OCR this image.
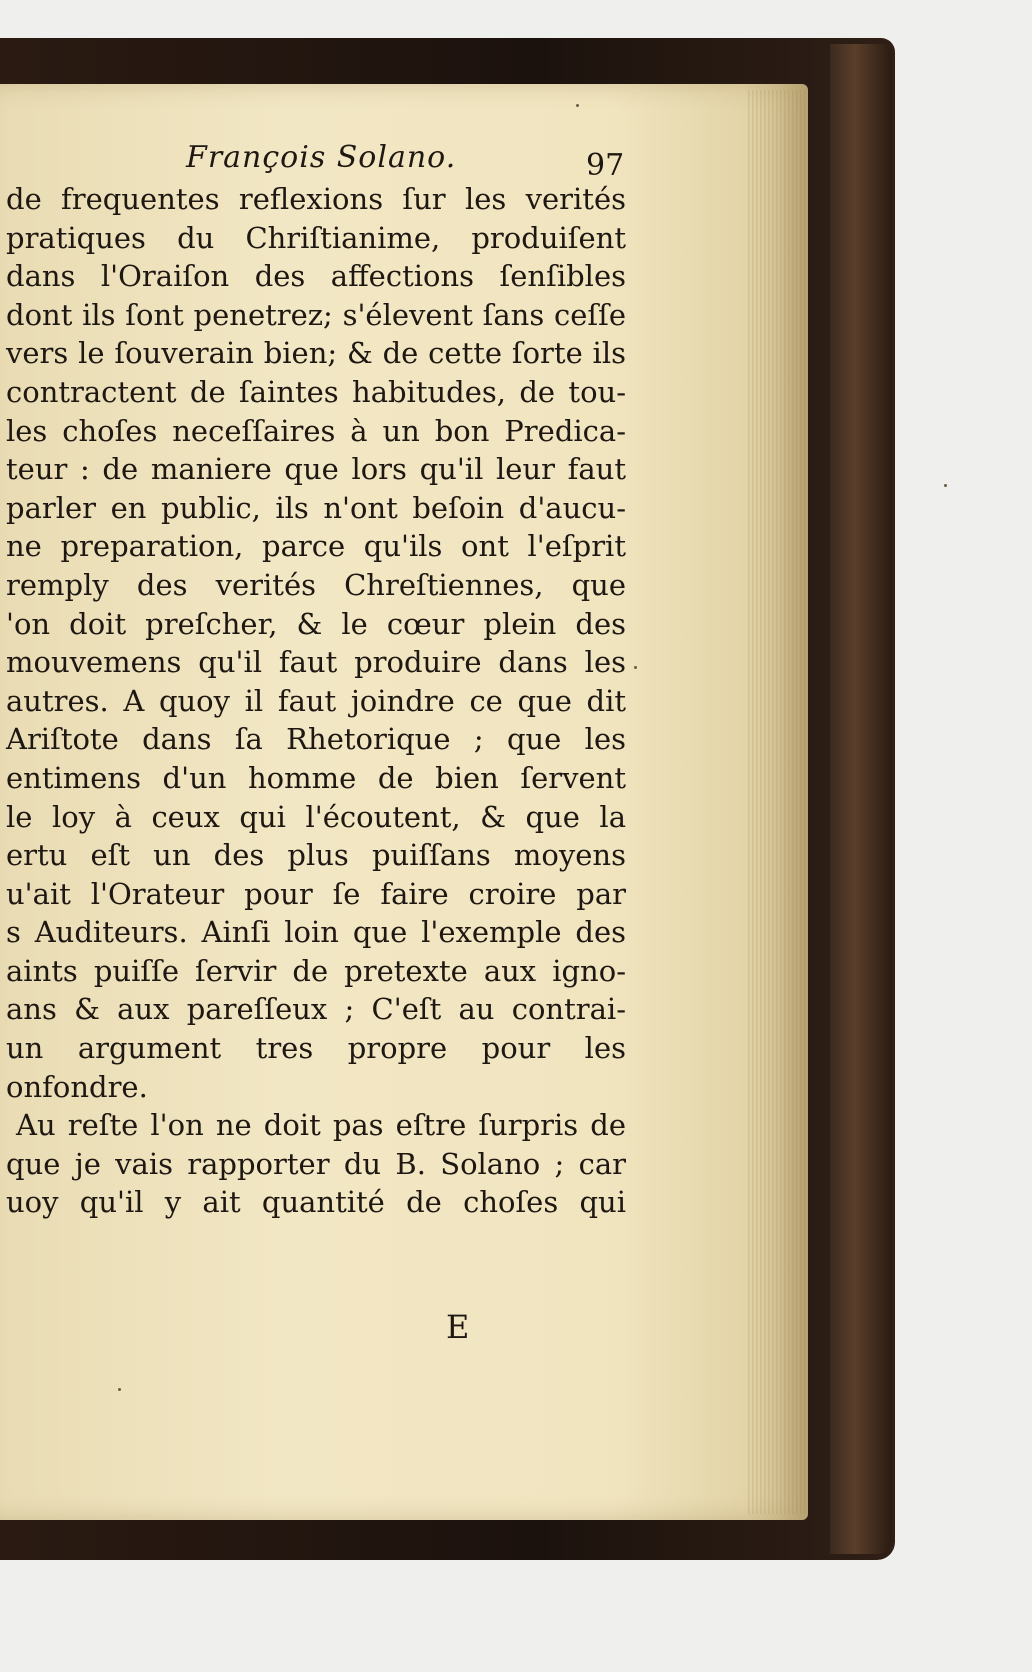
François Solano.	97
de frequentes reflexions ſur les verités
pratiques du Chriſtianime, produiſent
dans l'Oraiſon des affections ſenſibles
dont ils ſont penetrez; s'élevent ſans ceſſe
vers le ſouverain bien; & de cette ſorte ils
contractent de ſaintes habitudes, de tou-
les choſes neceſſaires à un bon Predica-
teur : de maniere que lors qu'il leur faut
parler en public, ils n'ont beſoin d'aucu-
ne preparation, parce qu'ils ont l'eſprit
remply des verités Chreſtiennes, que
'on doit preſcher, & le cœur plein des
mouvemens qu'il faut produire dans les
autres. A quoy il faut joindre ce que dit
Ariſtote dans ſa Rhetorique ; que les
entimens d'un homme de bien ſervent
le loy à ceux qui l'écoutent, & que la
ertu eſt un des plus puiſſans moyens
u'ait l'Orateur pour ſe faire croire par
s Auditeurs. Ainſi loin que l'exemple des
aints puiſſe ſervir de pretexte aux igno-
ans & aux pareſſeux ; C'eſt au contrai-
un argument tres propre pour les
onfondre.
Au reſte l'on ne doit pas eſtre ſurpris de
que je vais rapporter du B. Solano ; car
uoy qu'il y ait quantité de choſes qui
E
